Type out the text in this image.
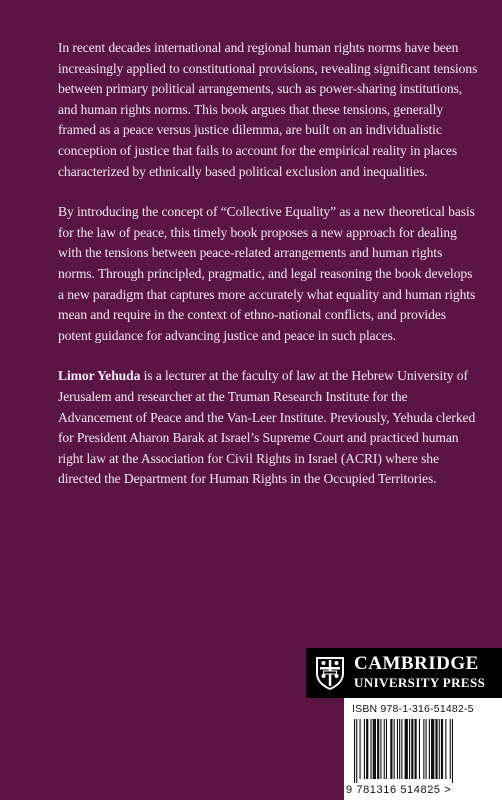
In recent decades international and regional human rights norms have been increasingly applied to constitutional provisions, revealing significant tensions between primary political arrangements, such as power-sharing institutions, and human rights norms. This book argues that these tensions, generally framed as a peace versus justice dilemma, are built on an individualistic conception of justice that fails to account for the empirical reality in places characterized by ethnically based political exclusion and inequalities.

By introducing the concept of “Collective Equality” as a new theoretical basis for the law of peace, this timely book proposes a new approach for dealing with the tensions between peace-related arrangements and human rights norms. Through principled, pragmatic, and legal reasoning the book develops a new paradigm that captures more accurately what equality and human rights mean and require in the context of ethno-national conflicts, and provides potent guidance for advancing justice and peace in such places.

Limor Yehuda is a lecturer at the faculty of law at the Hebrew University of Jerusalem and researcher at the Truman Research Institute for the Advancement of Peace and the Van-Leer Institute. Previously, Yehuda clerked for President Aharon Barak at Israel’s Supreme Court and practiced human right law at the Association for Civil Rights in Israel (ACRI) where she directed the Department for Human Rights in the Occupied Territories.

CAMBRIDGE
UNIVERSITY PRESS
ISBN 978-1-316-51482-5
9 781316 514825 >
